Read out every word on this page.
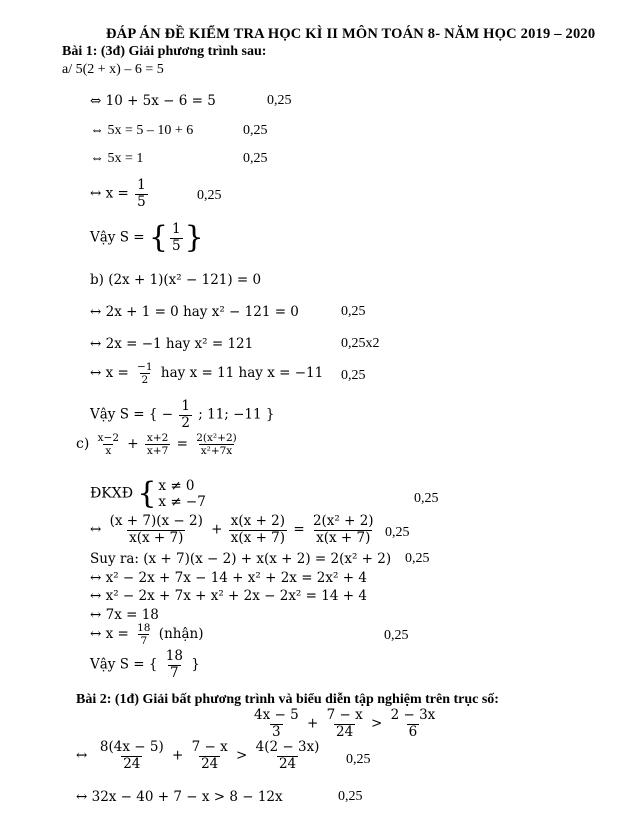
ĐÁP ÁN ĐỀ KIỂM TRA HỌC KÌ II MÔN TOÁN 8- NĂM HỌC 2019 – 2020
Bài 1: (3đ) Giải phương trình sau:
a/ 5(2 + x) – 6 = 5
⇔ 10 + 5x − 6 = 5	0,25
⇔ 5x = 5 – 10 + 6	0,25
⇔ 5x = 1	0,25
↔ $x = \frac{1}{5}$	0,25
Vậy S = { $\frac{1}{5}$ }
b) (2x + 1)(x² − 121) = 0
↔ 2x + 1 = 0 hay x² − 121 = 0	0,25
↔ 2x = −1 hay x² = 121	0,25x2
↔ $x = \frac{-1}{2}$ hay x = 11 hay x = −11 0,25
Vậy S = { − $\frac{1}{2}$ ; 11; −11 }
$c) \frac{x-2}{x} + \frac{x+2}{x+7} = \frac{\text{2(x²+2)}}{\text{x²+7x}}$
ĐKXĐ { x ≠ 0
x ≠ −7	0,25
↔ $\frac{(x + 7)(x - 2)}{x(x + 7)} + \frac{x(x + 2)}{x(x + 7)} = \frac{\text{2(x² + 2)}}{x(x + 7)} 0,25$
Suy ra: (x + 7)(x − 2) + x(x + 2) = 2(x² + 2) 0,25
↔ x² − 2x + 7x − 14 + x² + 2x = 2x² + 4
↔ x² − 2x + 7x + x² + 2x − 2x² = 14 + 4
↔ 7x = 18
↔ $x = \frac{18}{7}$ (nhận)	0,25
Vậy S = { $\frac{18}{7}$ }
Bài 2: (1đ) Giải bất phương trình và biểu diễn tập nghiệm trên trục số:
$\frac{4x - 5}{3} + \frac{7 - x}{24} > \frac{2 - 3x}{6}$
↔ $\frac{8(4x - 5)}{24} + \frac{7 - x}{24} > \frac{4(2 - 3x)}{24} 0,25$
↔ 32x − 40 + 7 − x > 8 − 12x	0,25
